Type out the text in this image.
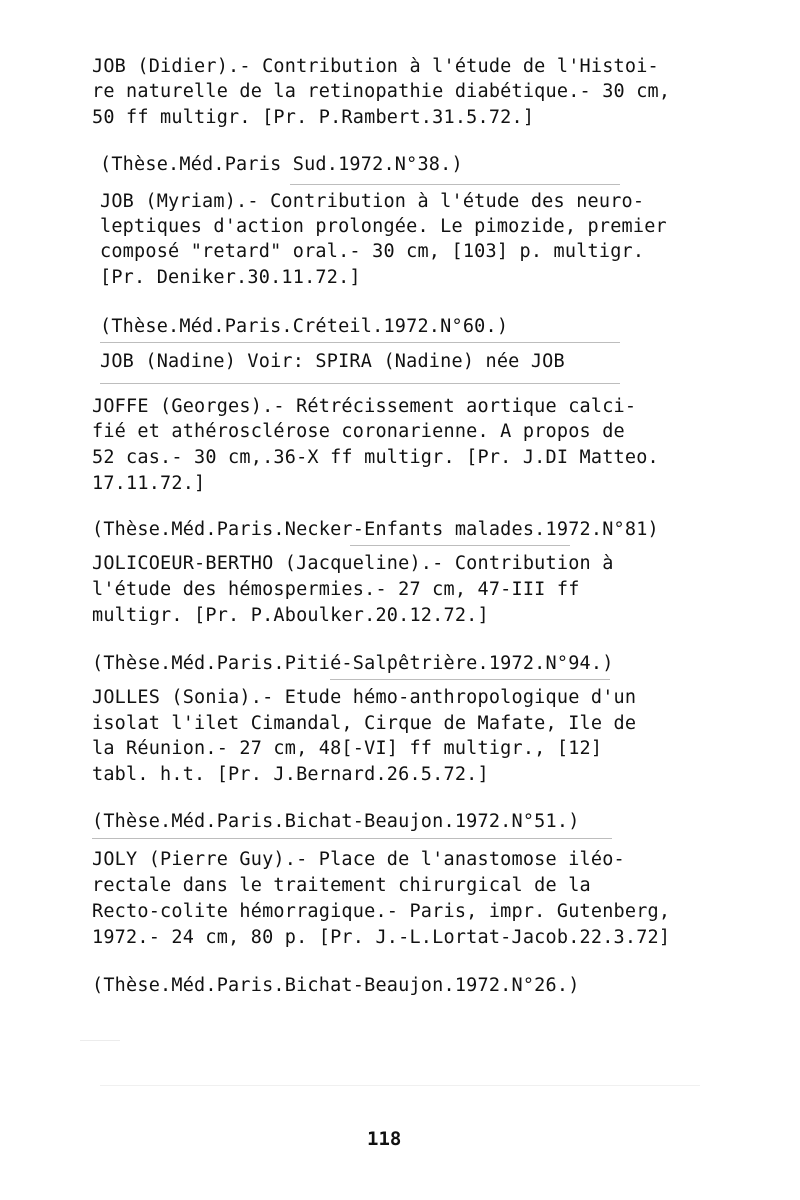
JOB (Didier).- Contribution à l'étude de l'Histoi-
re naturelle de la retinopathie diabétique.- 30 cm,
50 ff multigr. [Pr. P.Rambert.31.5.72.]
(Thèse.Méd.Paris Sud.1972.N°38.)
JOB (Myriam).- Contribution à l'étude des neuro-
leptiques d'action prolongée. Le pimozide, premier
composé "retard" oral.- 30 cm, [103] p. multigr.
[Pr. Deniker.30.11.72.]
(Thèse.Méd.Paris.Créteil.1972.N°60.)
JOB (Nadine) Voir: SPIRA (Nadine) née JOB
JOFFE (Georges).- Rétrécissement aortique calci-
fié et athérosclérose coronarienne. A propos de
52 cas.- 30 cm,.36-X ff multigr. [Pr. J.DI Matteo.
17.11.72.]
(Thèse.Méd.Paris.Necker-Enfants malades.1972.N°81)
JOLICOEUR-BERTHO (Jacqueline).- Contribution à
l'étude des hémospermies.- 27 cm, 47-III ff
multigr. [Pr. P.Aboulker.20.12.72.]
(Thèse.Méd.Paris.Pitié-Salpêtrière.1972.N°94.)
JOLLES (Sonia).- Etude hémo-anthropologique d'un
isolat l'ilet Cimandal, Cirque de Mafate, Ile de
la Réunion.- 27 cm, 48[-VI] ff multigr., [12]
tabl. h.t. [Pr. J.Bernard.26.5.72.]
(Thèse.Méd.Paris.Bichat-Beaujon.1972.N°51.)
JOLY (Pierre Guy).- Place de l'anastomose iléo-
rectale dans le traitement chirurgical de la
Recto-colite hémorragique.- Paris, impr. Gutenberg,
1972.- 24 cm, 80 p. [Pr. J.-L.Lortat-Jacob.22.3.72]
(Thèse.Méd.Paris.Bichat-Beaujon.1972.N°26.)
118
